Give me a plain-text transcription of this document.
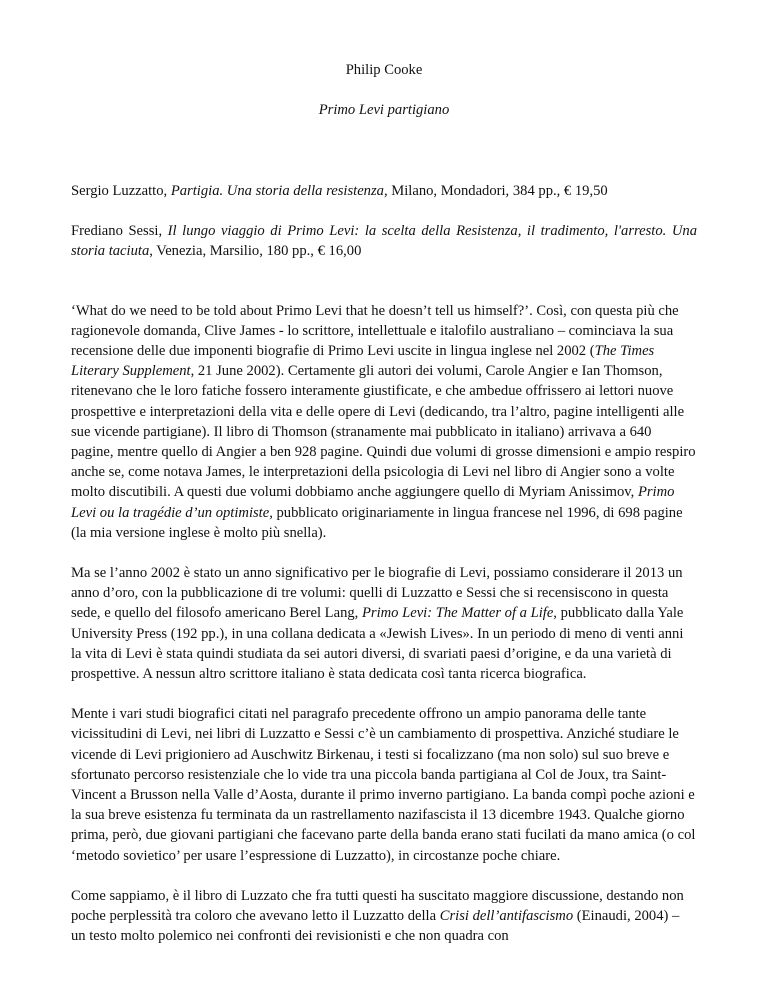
Philip Cooke
Primo Levi partigiano

Sergio Luzzatto, Partigia. Una storia della resistenza, Milano, Mondadori, 384 pp., € 19,50

Frediano Sessi, Il lungo viaggio di Primo Levi: la scelta della Resistenza, il tradimento, l'arresto. Una storia taciuta, Venezia, Marsilio, 180 pp., € 16,00

‘What do we need to be told about Primo Levi that he doesn’t tell us himself?’. Così, con questa più che ragionevole domanda, Clive James - lo scrittore, intellettuale e italofilo australiano – cominciava la sua recensione delle due imponenti biografie di Primo Levi uscite in lingua inglese nel 2002 (The Times Literary Supplement, 21 June 2002). Certamente gli autori dei volumi, Carole Angier e Ian Thomson, ritenevano che le loro fatiche fossero interamente giustificate, e che ambedue offrissero ai lettori nuove prospettive e interpretazioni della vita e delle opere di Levi (dedicando, tra l’altro, pagine intelligenti alle sue vicende partigiane). Il libro di Thomson (stranamente mai pubblicato in italiano) arrivava a 640 pagine, mentre quello di Angier a ben 928 pagine. Quindi due volumi di grosse dimensioni e ampio respiro anche se, come notava James, le interpretazioni della psicologia di Levi nel libro di Angier sono a volte molto discutibili. A questi due volumi dobbiamo anche aggiungere quello di Myriam Anissimov, Primo Levi ou la tragédie d’un optimiste, pubblicato originariamente in lingua francese nel 1996, di 698 pagine (la mia versione inglese è molto più snella).

Ma se l’anno 2002 è stato un anno significativo per le biografie di Levi, possiamo considerare il 2013 un anno d’oro, con la pubblicazione di tre volumi: quelli di Luzzatto e Sessi che si recensiscono in questa sede, e quello del filosofo americano Berel Lang, Primo Levi: The Matter of a Life, pubblicato dalla Yale University Press (192 pp.), in una collana dedicata a «Jewish Lives». In un periodo di meno di venti anni la vita di Levi è stata quindi studiata da sei autori diversi, di svariati paesi d’origine, e da una varietà di prospettive. A nessun altro scrittore italiano è stata dedicata così tanta ricerca biografica.

Mente i vari studi biografici citati nel paragrafo precedente offrono un ampio panorama delle tante vicissitudini di Levi, nei libri di Luzzatto e Sessi c’è un cambiamento di prospettiva. Anziché studiare le vicende di Levi prigioniero ad Auschwitz Birkenau, i testi si focalizzano (ma non solo) sul suo breve e sfortunato percorso resistenziale che lo vide tra una piccola banda partigiana al Col de Joux, tra Saint-Vincent a Brusson nella Valle d’Aosta, durante il primo inverno partigiano. La banda compì poche azioni e la sua breve esistenza fu terminata da un rastrellamento nazifascista il 13 dicembre 1943. Qualche giorno prima, però, due giovani partigiani che facevano parte della banda erano stati fucilati da mano amica (o col ‘metodo sovietico’ per usare l’espressione di Luzzatto), in circostanze poche chiare.

Come sappiamo, è il libro di Luzzato che fra tutti questi ha suscitato maggiore discussione, destando non poche perplessità tra coloro che avevano letto il Luzzatto della Crisi dell’antifascismo (Einaudi, 2004) – un testo molto polemico nei confronti dei revisionisti e che non quadra con
